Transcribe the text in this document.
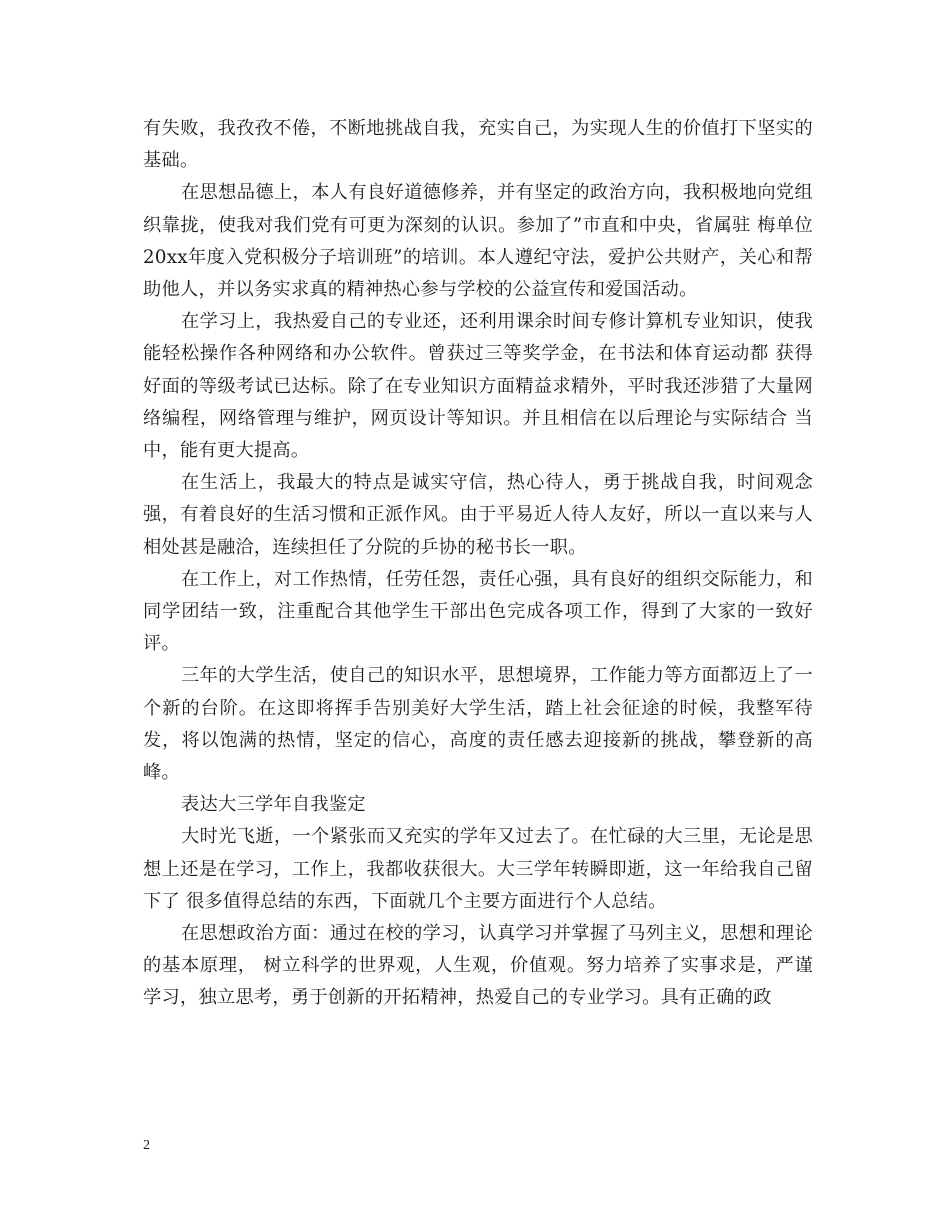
有失败，我孜孜不倦，不断地挑战自我，充实自己，为实现人生的价值打下坚实的基础。

在思想品德上，本人有良好道德修养，并有坚定的政治方向，我积极地向党组织靠拢，使我对我们党有可更为深刻的认识。参加了”市直和中央，省属驻 梅单位20xx年度入党积极分子培训班”的培训。本人遵纪守法，爱护公共财产，关心和帮助他人，并以务实求真的精神热心参与学校的公益宣传和爱国活动。

在学习上，我热爱自己的专业还，还利用课余时间专修计算机专业知识，使我能轻松操作各种网络和办公软件。曾获过三等奖学金，在书法和体育运动都 获得好面的等级考试已达标。除了在专业知识方面精益求精外，平时我还涉猎了大量网络编程，网络管理与维护，网页设计等知识。并且相信在以后理论与实际结合 当中，能有更大提高。

在生活上，我最大的特点是诚实守信，热心待人，勇于挑战自我，时间观念强，有着良好的生活习惯和正派作风。由于平易近人待人友好，所以一直以来与人相处甚是融洽，连续担任了分院的乒协的秘书长一职。

在工作上，对工作热情，任劳任怨，责任心强，具有良好的组织交际能力，和同学团结一致，注重配合其他学生干部出色完成各项工作，得到了大家的一致好评。

三年的大学生活，使自己的知识水平，思想境界，工作能力等方面都迈上了一个新的台阶。在这即将挥手告别美好大学生活，踏上社会征途的时候，我整军待发，将以饱满的热情，坚定的信心，高度的责任感去迎接新的挑战，攀登新的高峰。

表达大三学年自我鉴定

大时光飞逝，一个紧张而又充实的学年又过去了。在忙碌的大三里，无论是思想上还是在学习，工作上，我都收获很大。大三学年转瞬即逝，这一年给我自己留下了 很多值得总结的东西，下面就几个主要方面进行个人总结。

在思想政治方面：通过在校的学习，认真学习并掌握了马列主义，思想和理论的基本原理， 树立科学的世界观，人生观，价值观。努力培养了实事求是，严谨学习，独立思考，勇于创新的开拓精神，热爱自己的专业学习。具有正确的政

2
